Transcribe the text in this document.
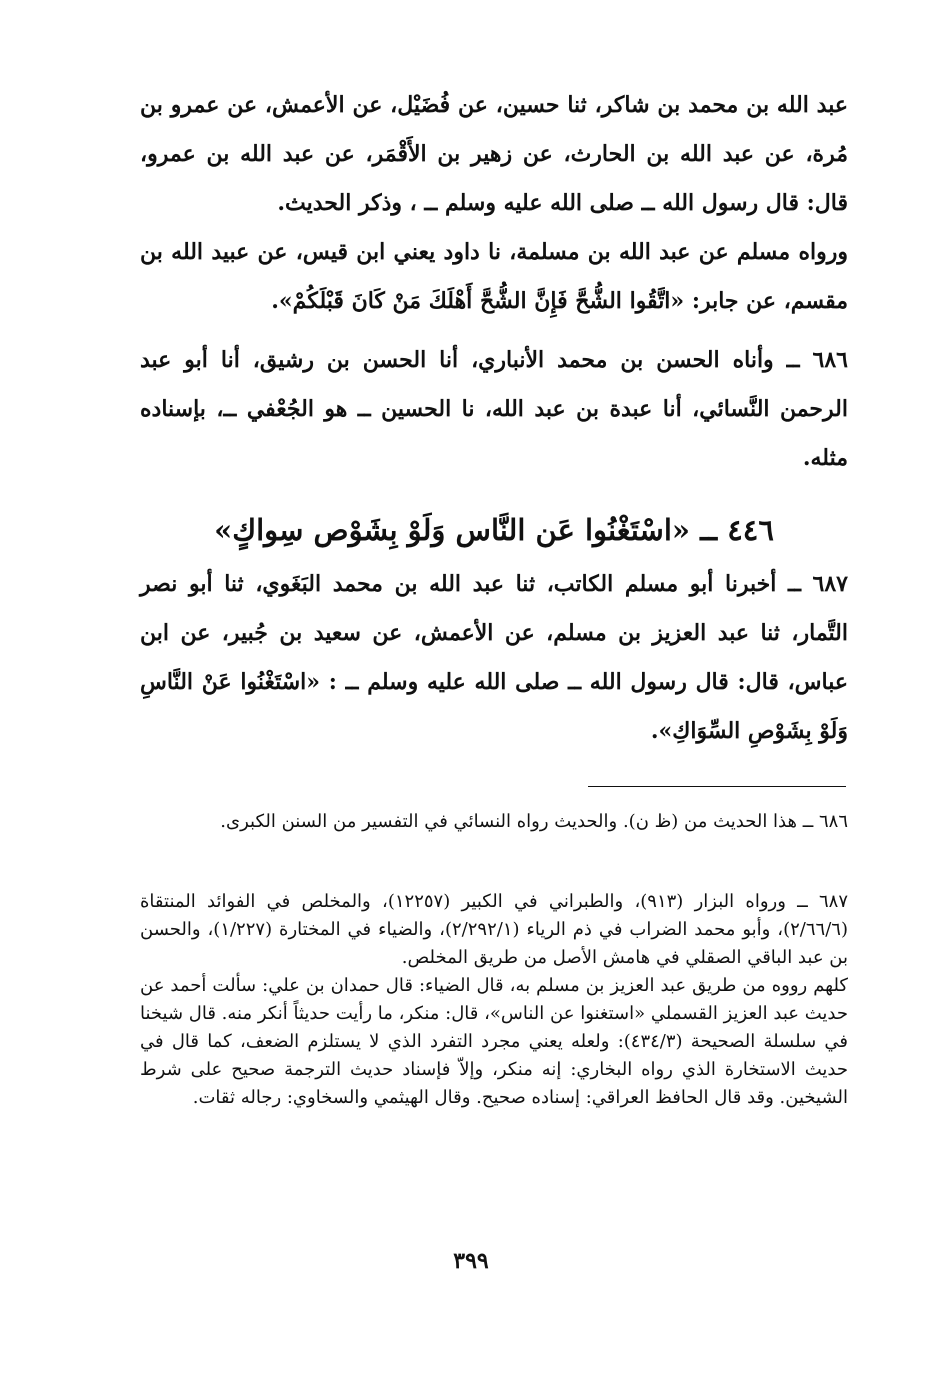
عبد الله بن محمد بن شاكر، ثنا حسين، عن فُضَيْل، عن الأعمش، عن عمرو بن مُرة، عن عبد الله بن الحارث، عن زهير بن الأَقْمَر، عن عبد الله بن عمرو، قال: قال رسول الله ــ صلى الله عليه وسلم ــ ، وذكر الحديث.

ورواه مسلم عن عبد الله بن مسلمة، نا داود يعني ابن قيس، عن عبيد الله بن مقسم، عن جابر: «اتَّقُوا الشُّحَّ فَإِنَّ الشُّحَّ أَهْلَكَ مَنْ كَانَ قَبْلَكُمْ».

٦٨٦ ــ وأناه الحسن بن محمد الأنباري، أنا الحسن بن رشيق، أنا أبو عبد الرحمن النَّسائي، أنا عبدة بن عبد الله، نا الحسين ــ هو الجُعْفي ــ، بإسناده مثله.

٤٤٦ ــ «اسْتَغْنُوا عَن النَّاس وَلَوْ بِشَوْص سِواكٍ»

٦٨٧ ــ أخبرنا أبو مسلم الكاتب، ثنا عبد الله بن محمد البَغَوي، ثنا أبو نصر التَّمار، ثنا عبد العزيز بن مسلم، عن الأعمش، عن سعيد بن جُبير، عن ابن عباس، قال: قال رسول الله ــ صلى الله عليه وسلم ــ : «اسْتَغْنُوا عَنْ النَّاسِ وَلَوْ بِشَوْصِ السِّوَاكِ».

٦٨٦ ــ هذا الحديث من (ظ ن). والحديث رواه النسائي في التفسير من السنن الكبرى.

٦٨٧ ــ ورواه البزار (٩١٣)، والطبراني في الكبير (١٢٢٥٧)، والمخلص في الفوائد المنتقاة (٢/٦٦/٦)، وأبو محمد الضراب في ذم الرياء (٢/٢٩٢/١)، والضياء في المختارة (١/٢٢٧)، والحسن بن عبد الباقي الصقلي في هامش الأصل من طريق المخلص.

كلهم رووه من طريق عبد العزيز بن مسلم به، قال الضياء: قال حمدان بن علي: سألت أحمد عن حديث عبد العزيز القسملي «استغنوا عن الناس»، قال: منكر، ما رأيت حديثاً أنكر منه. قال شيخنا في سلسلة الصحيحة (٤٣٤/٣): ولعله يعني مجرد التفرد الذي لا يستلزم الضعف، كما قال في حديث الاستخارة الذي رواه البخاري: إنه منكر، وإلاّ فإسناد حديث الترجمة صحيح على شرط الشيخين. وقد قال الحافظ العراقي: إسناده صحيح. وقال الهيثمي والسخاوي: رجاله ثقات.

٣٩٩
